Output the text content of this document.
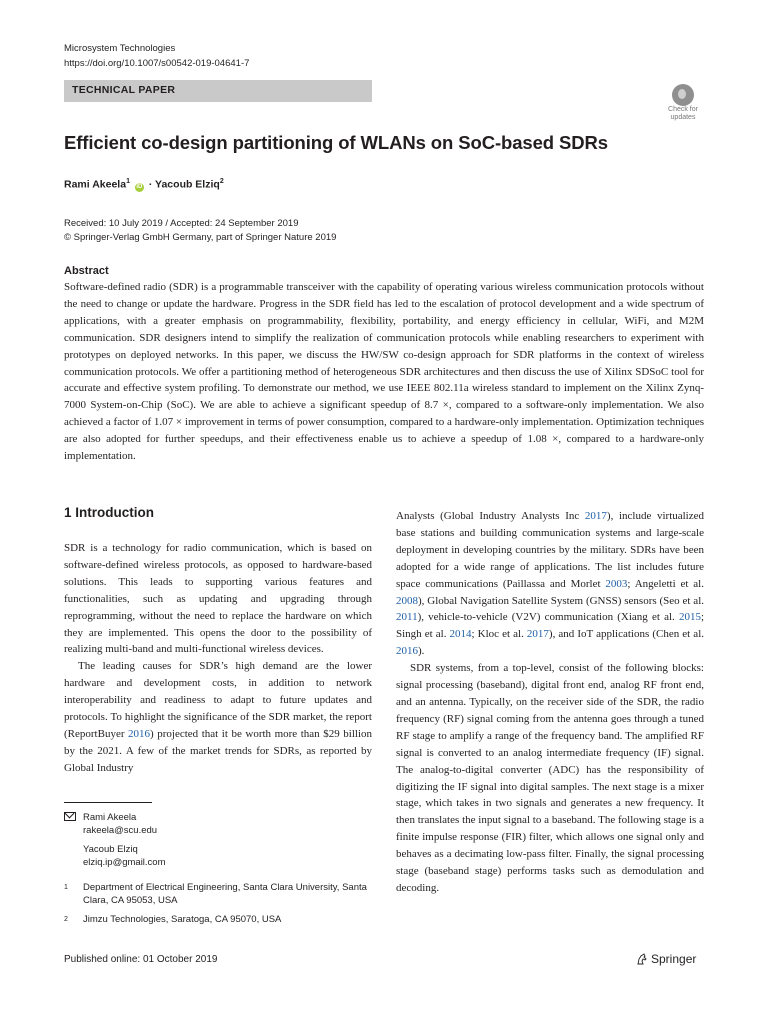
Microsystem Technologies
https://doi.org/10.1007/s00542-019-04641-7
TECHNICAL PAPER
Check for
updates
Efficient co-design partitioning of WLANs on SoC-based SDRs
Rami Akeela$^1$ iD · Yacoub Elziq$^2$
Received: 10 July 2019 / Accepted: 24 September 2019
© Springer-Verlag GmbH Germany, part of Springer Nature 2019
Abstract
Software-defined radio (SDR) is a programmable transceiver with the capability of operating various wireless communication protocols without the need to change or update the hardware. Progress in the SDR field has led to the escalation of protocol development and a wide spectrum of applications, with a greater emphasis on programmability, flexibility, portability, and energy efficiency in cellular, WiFi, and M2M communication. SDR designers intend to simplify the realization of communication protocols while enabling researchers to experiment with prototypes on deployed networks. In this paper, we discuss the HW/SW co-design approach for SDR platforms in the context of wireless communication protocols. We offer a partitioning method of heterogeneous SDR architectures and then discuss the use of Xilinx SDSoC tool for accurate and effective system profiling. To demonstrate our method, we use IEEE 802.11a wireless standard to implement on the Xilinx Zynq-7000 System-on-Chip (SoC). We are able to achieve a significant speedup of 8.7 ×, compared to a software-only implementation. We also achieved a factor of 1.07 × improvement in terms of power consumption, compared to a hardware-only implementation. Optimization techniques are also adopted for further speedups, and their effectiveness enable us to achieve a speedup of 1.08 ×, compared to a hardware-only implementation.
1 Introduction

SDR is a technology for radio communication, which is based on software-defined wireless protocols, as opposed to hardware-based solutions. This leads to supporting various features and functionalities, such as updating and upgrading through reprogramming, without the need to replace the hardware on which they are implemented. This opens the door to the possibility of realizing multi-band and multi-functional wireless devices.

The leading causes for SDR’s high demand are the lower hardware and development costs, in addition to network interoperability and readiness to adapt to future updates and protocols. To highlight the significance of the SDR market, the report (ReportBuyer 2016) projected that it be worth more than $29 billion by the 2021. A few of the market trends for SDRs, as reported by Global Industry

Analysts (Global Industry Analysts Inc 2017), include virtualized base stations and building communication systems and large-scale deployment in developing countries by the military. SDRs have been adopted for a wide range of applications. The list includes future space communications (Paillassa and Morlet 2003; Angeletti et al. 2008), Global Navigation Satellite System (GNSS) sensors (Seo et al. 2011), vehicle-to-vehicle (V2V) communication (Xiang et al. 2015; Singh et al. 2014; Kloc et al. 2017), and IoT applications (Chen et al. 2016).

SDR systems, from a top-level, consist of the following blocks: signal processing (baseband), digital front end, analog RF front end, and an antenna. Typically, on the receiver side of the SDR, the radio frequency (RF) signal coming from the antenna goes through a tuned RF stage to amplify a range of the frequency band. The amplified RF signal is converted to an analog intermediate frequency (IF) signal. The analog-to-digital converter (ADC) has the responsibility of digitizing the IF signal into digital samples. The next stage is a mixer stage, which takes in two signals and generates a new frequency. It then translates the input signal to a baseband. The following stage is a finite impulse response (FIR) filter, which allows one signal only and behaves as a decimating low-pass filter. Finally, the signal processing stage (baseband stage) performs tasks such as demodulation and decoding.

Rami Akeela
rakeela@scu.edu
Yacoub Elziq
elziq.ip@gmail.com
1 Department of Electrical Engineering, Santa Clara University, Santa Clara, CA 95053, USA
2 Jimzu Technologies, Saratoga, CA 95070, USA
Published online: 01 October 2019	Springer
